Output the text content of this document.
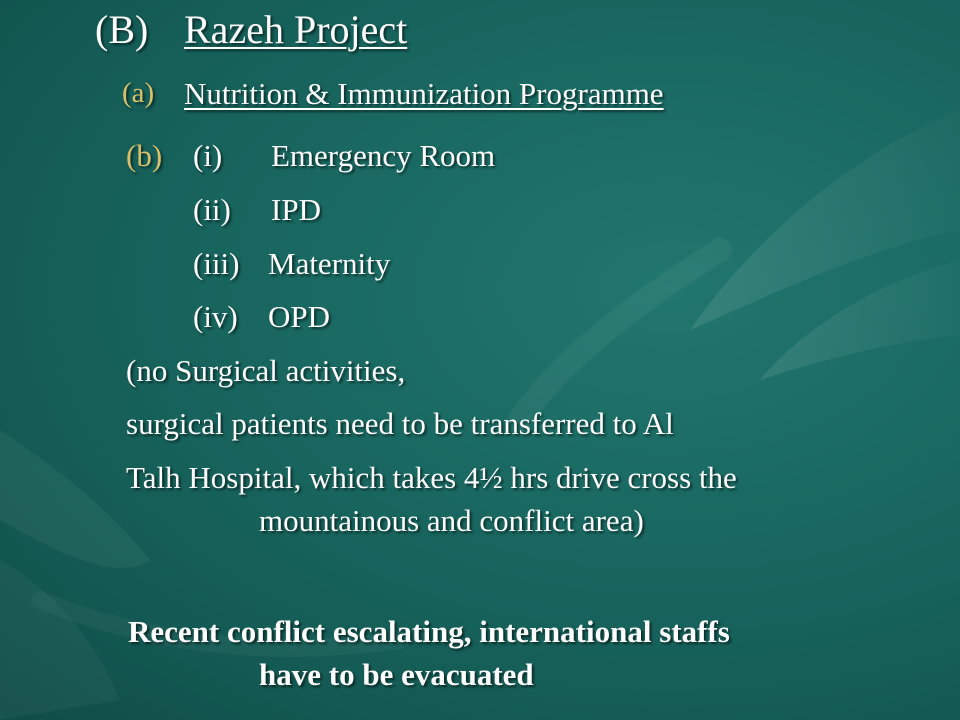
(B) Razeh Project
(a) Nutrition & Immunization Programme
(b) (i) Emergency Room
(ii) IPD
(iii) Maternity
(iv) OPD
(no Surgical activities,
surgical patients need to be transferred to Al
Talh Hospital, which takes 4½ hrs drive cross the
mountainous and conflict area)
Recent conflict escalating, international staffs
have to be evacuated
